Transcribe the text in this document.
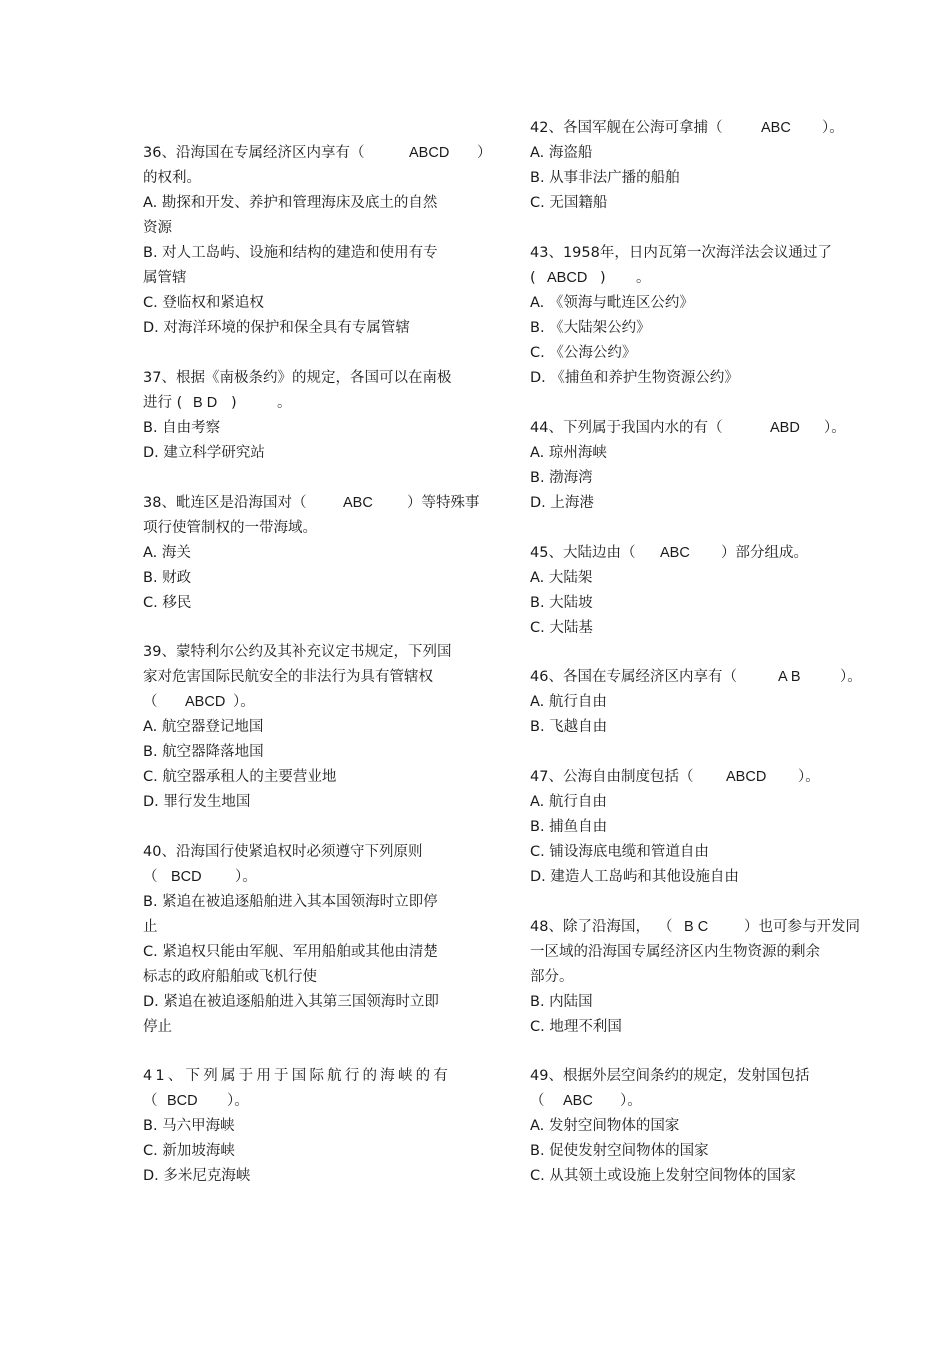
36、沿海国在专属经济区内享有（	ABCD ）
的权利。
A. 勘探和开发、养护和管理海床及底土的自然
资源
B. 对人工岛屿、设施和结构的建造和使用有专
属管辖
C. 登临权和紧追权
D. 对海洋环境的保护和保全具有专属管辖
37、根据《南极条约》的规定，各国可以在南极
进行 ( B D )	。
B. 自由考察
D. 建立科学研究站
38、毗连区是沿海国对（	ABC ）等特殊事
项行使管制权的一带海域。
A. 海关
B. 财政
C. 移民
39、蒙特利尔公约及其补充议定书规定，下列国
家对危害国际民航安全的非法行为具有管辖权
（ ABCD ）。
A. 航空器登记地国
B. 航空器降落地国
C. 航空器承租人的主要营业地
D. 罪行发生地国
40、沿海国行使紧追权时必须遵守下列原则
（ BCD ）。
B. 紧追在被追逐船舶进入其本国领海时立即停
止
C. 紧追权只能由军舰、军用船舶或其他由清楚
标志的政府船舶或飞机行使
D. 紧追在被追逐船舶进入其第三国领海时立即
停止
41、下列属于用于国际航行的海峡的有
（ BCD ）。
B. 马六甲海峡
C. 新加坡海峡
D. 多米尼克海峡
42、各国军舰在公海可拿捕（	ABC ）。
A. 海盗船
B. 从事非法广播的船舶
C. 无国籍船
43、1958年，日内瓦第一次海洋法会议通过了
( ABCD ) 。
A. 《领海与毗连区公约》
B. 《大陆架公约》
C. 《公海公约》
D. 《捕鱼和养护生物资源公约》
44、下列属于我国内水的有（	ABD ）。
A. 琼州海峡
B. 渤海湾
D. 上海港
45、大陆边由（ ABC ）部分组成。
A. 大陆架
B. 大陆坡
C. 大陆基
46、各国在专属经济区内享有（	A B	）。
A. 航行自由
B. 飞越自由
47、公海自由制度包括（ ABCD ）。
A. 航行自由
B. 捕鱼自由
C. 铺设海底电缆和管道自由
D. 建造人工岛屿和其他设施自由
48、除了沿海国， （ B C ）也可参与开发同
一区域的沿海国专属经济区内生物资源的剩余
部分。
B. 内陆国
C. 地理不利国
49、根据外层空间条约的规定，发射国包括
（ ABC ）。
A. 发射空间物体的国家
B. 促使发射空间物体的国家
C. 从其领土或设施上发射空间物体的国家
